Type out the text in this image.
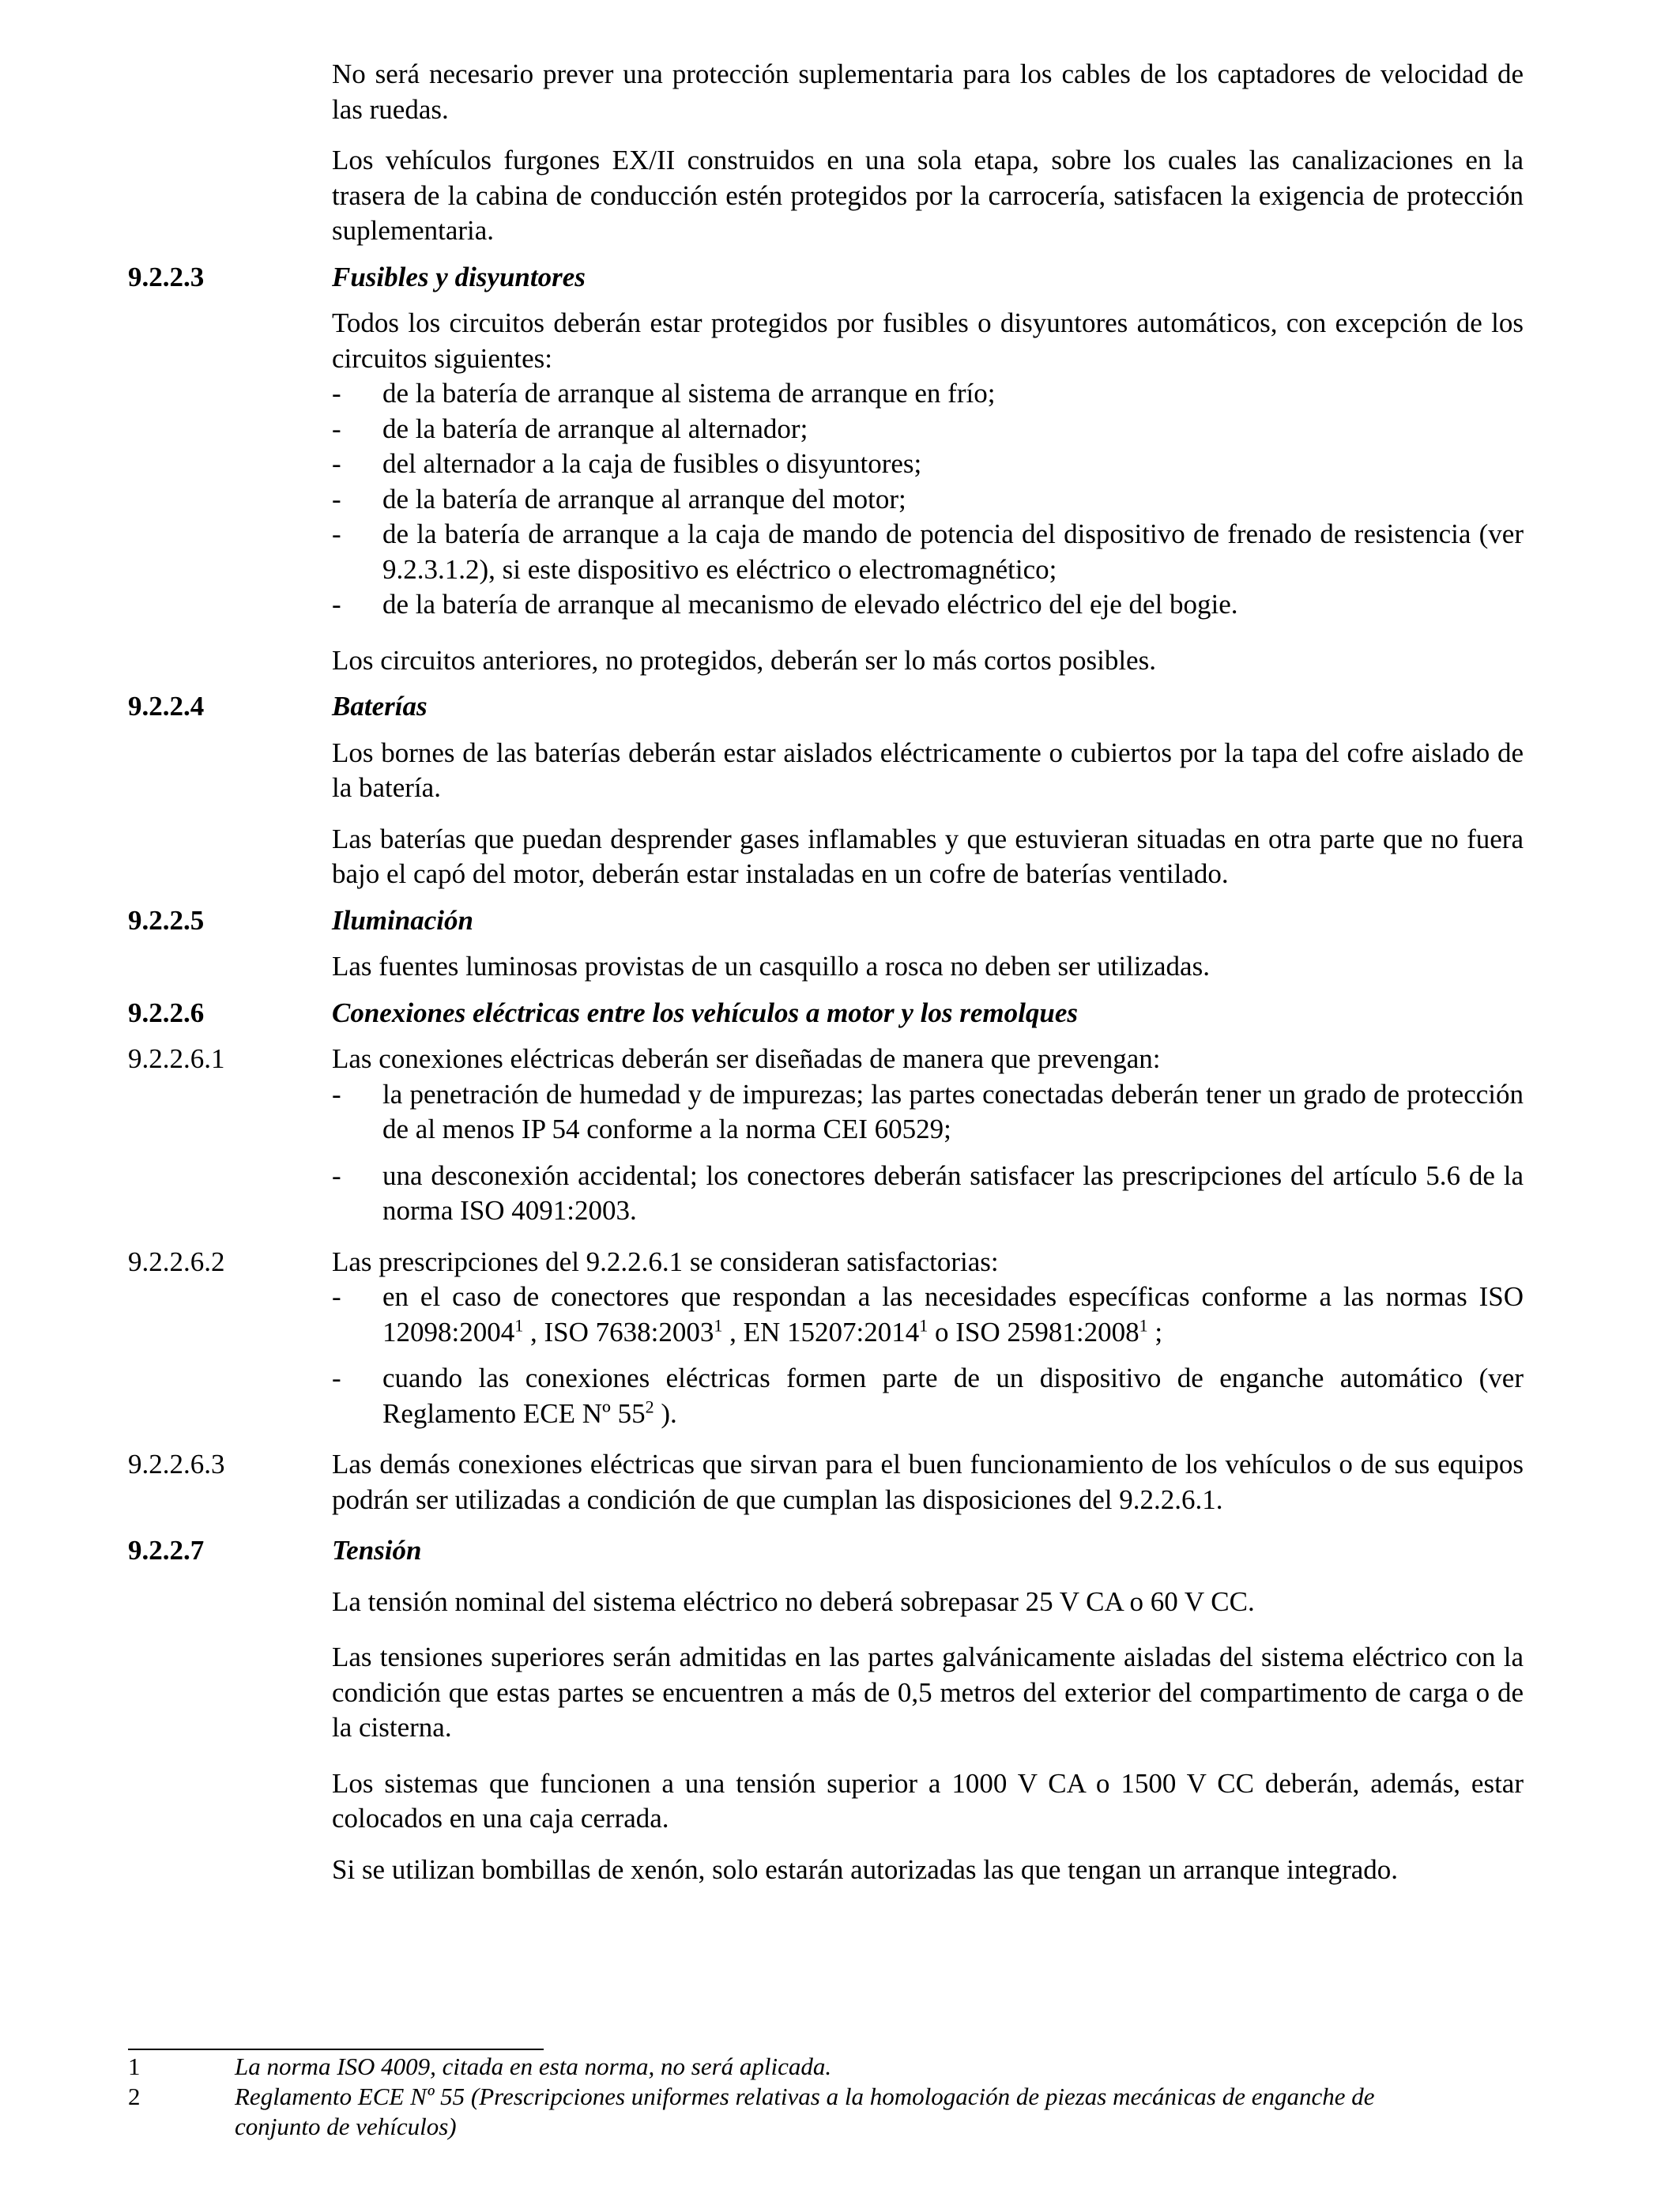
No será necesario prever una protección suplementaria para los cables de los captadores de velocidad de las ruedas.

Los vehículos furgones EX/II construidos en una sola etapa, sobre los cuales las canalizaciones en la trasera de la cabina de conducción estén protegidos por la carrocería, satisfacen la exigencia de protección suplementaria.

9.2.2.3	Fusibles y disyuntores

Todos los circuitos deberán estar protegidos por fusibles o disyuntores automáticos, con excepción de los circuitos siguientes:

- de la batería de arranque al sistema de arranque en frío;
- de la batería de arranque al alternador;
- del alternador a la caja de fusibles o disyuntores;
- de la batería de arranque al arranque del motor;
- de la batería de arranque a la caja de mando de potencia del dispositivo de frenado de resistencia (ver 9.2.3.1.2), si este dispositivo es eléctrico o electromagnético;
- de la batería de arranque al mecanismo de elevado eléctrico del eje del bogie.

Los circuitos anteriores, no protegidos, deberán ser lo más cortos posibles.

9.2.2.4	Baterías

Los bornes de las baterías deberán estar aislados eléctricamente o cubiertos por la tapa del cofre aislado de la batería.

Las baterías que puedan desprender gases inflamables y que estuvieran situadas en otra parte que no fuera bajo el capó del motor, deberán estar instaladas en un cofre de baterías ventilado.

9.2.2.5	Iluminación

Las fuentes luminosas provistas de un casquillo a rosca no deben ser utilizadas.

9.2.2.6	Conexiones eléctricas entre los vehículos a motor y los remolques
9.2.2.6.1	Las conexiones eléctricas deberán ser diseñadas de manera que prevengan:

- la penetración de humedad y de impurezas; las partes conectadas deberán tener un grado de protección de al menos IP 54 conforme a la norma CEI 60529;
- una desconexión accidental; los conectores deberán satisfacer las prescripciones del artículo 5.6 de la norma ISO 4091:2003.
9.2.2.6.2	Las prescripciones del 9.2.2.6.1 se consideran satisfactorias:

- en el caso de conectores que respondan a las necesidades específicas conforme a las normas ISO 12098:2004$^1$ , ISO 7638:2003$^1$ , EN 15207:2014$^1$ o ISO 25981:2008$^1$ ;
- cuando las conexiones eléctricas formen parte de un dispositivo de enganche automático (ver Reglamento ECE Nº $55^2$ ).
9.2.2.6.3	Las demás conexiones eléctricas que sirvan para el buen funcionamiento de los vehículos o de sus equipos podrán ser utilizadas a condición de que cumplan las disposiciones del 9.2.2.6.1.

9.2.2.7	Tensión

La tensión nominal del sistema eléctrico no deberá sobrepasar 25 V CA o 60 V CC.

Las tensiones superiores serán admitidas en las partes galvánicamente aisladas del sistema eléctrico con la condición que estas partes se encuentren a más de 0,5 metros del exterior del compartimento de carga o de la cisterna.

Los sistemas que funcionen a una tensión superior a 1000 V CA o 1500 V CC deberán, además, estar colocados en una caja cerrada.

Si se utilizan bombillas de xenón, solo estarán autorizadas las que tengan un arranque integrado.

1	La norma ISO 4009, citada en esta norma, no será aplicada.
2	Reglamento ECE Nº 55 (Prescripciones uniformes relativas a la homologación de piezas mecánicas de enganche de conjunto de vehículos)
